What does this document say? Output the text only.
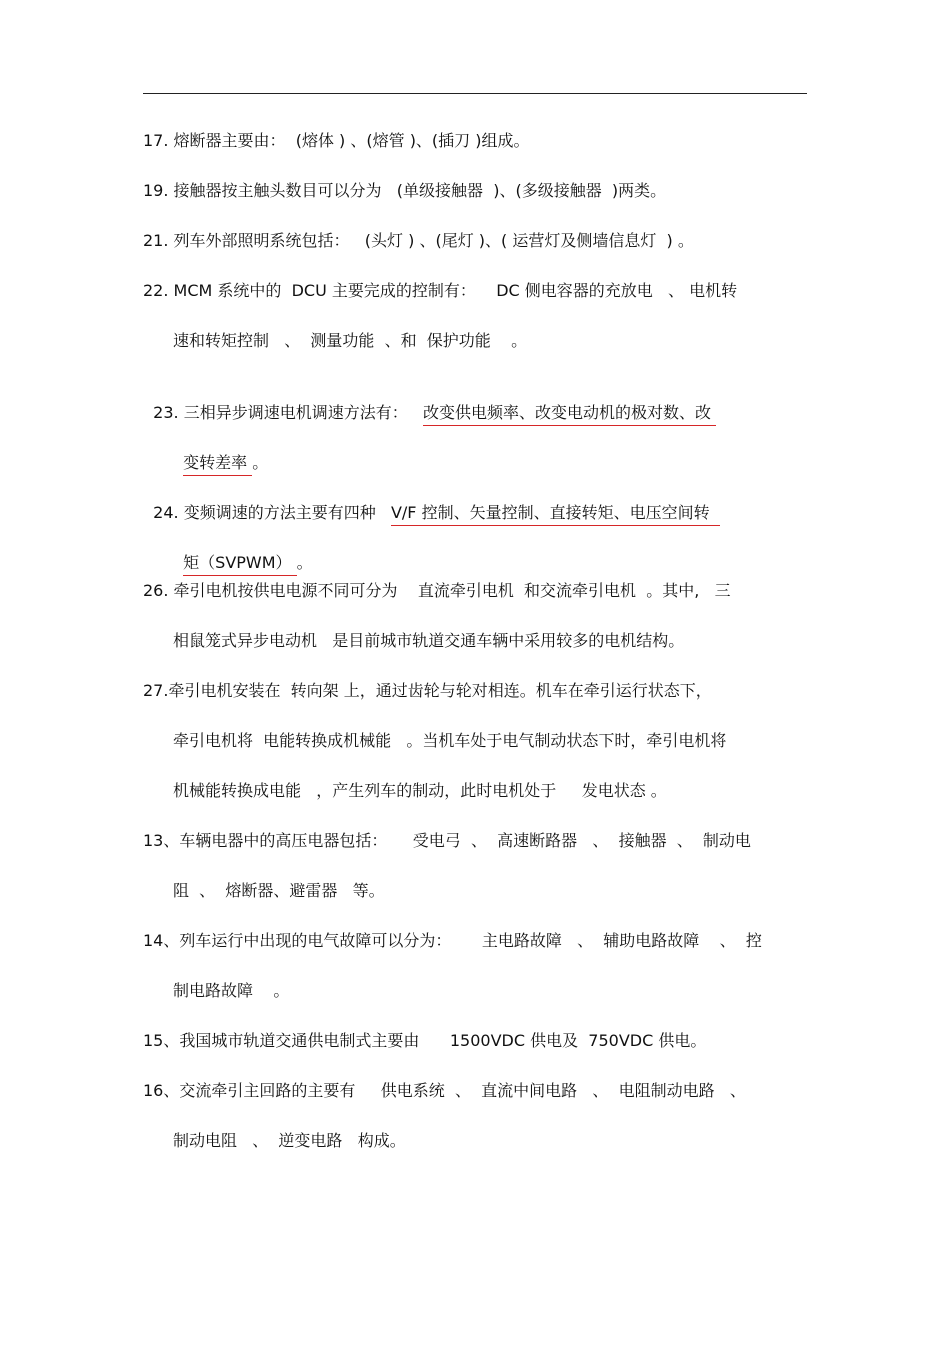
17. 熔断器主要由：  (熔体 ) 、(熔管 )、(插刀 )组成。
19. 接触器按主触头数目可以分为   (单级接触器  )、(多级接触器  )两类。
21. 列车外部照明系统包括：   (头灯 ) 、(尾灯 )、( 运营灯及侧墙信息灯  ) 。
22. MCM 系统中的  DCU 主要完成的控制有：    DC 侧电容器的充放电   、 电机转
速和转矩控制   、  测量功能  、和  保护功能    。

23. 三相异步调速电机调速方法有：   改变供电频率、改变电动机的极对数、改

变转差率 。

24. 变频调速的方法主要有四种   V/F 控制、矢量控制、直接转矩、电压空间转

矩（SVPWM） 。

26. 牵引电机按供电电源不同可分为    直流牵引电机  和交流牵引电机  。其中,   三
相鼠笼式异步电动机   是目前城市轨道交通车辆中采用较多的电机结构。
27.牵引电机安装在  转向架 上，通过齿轮与轮对相连。机车在牵引运行状态下，
牵引电机将  电能转换成机械能   。当机车处于电气制动状态下时，牵引电机将
机械能转换成电能   ，产生列车的制动，此时电机处于     发电状态 。
13、车辆电器中的高压电器包括：     受电弓  、  高速断路器   、  接触器  、  制动电
阻  、  熔断器、避雷器   等。
14、列车运行中出现的电气故障可以分为：      主电路故障   、  辅助电路故障    、  控
制电路故障    。
15、我国城市轨道交通供电制式主要由      1500VDC 供电及  750VDC 供电。
16、交流牵引主回路的主要有     供电系统  、  直流中间电路   、  电阻制动电路   、
制动电阻   、  逆变电路   构成。
